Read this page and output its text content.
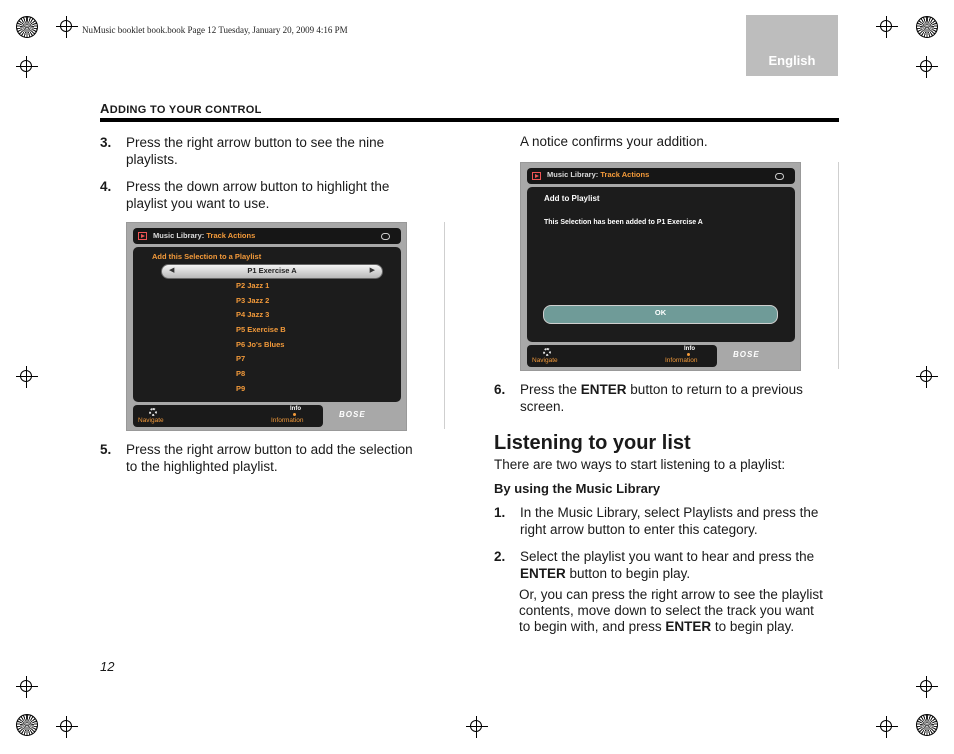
NuMusic booklet book.book Page 12 Tuesday, January 20, 2009 4:16 PM
English
ADDING TO YOUR CONTROL
3. Press the right arrow button to see the nine
playlists.
4. Press the down arrow button to highlight the
playlist you want to use.
Music Library: Track Actions
Add this Selection to a Playlist
◀	P1 Exercise A	▶
P2 Jazz 1
P3 Jazz 2
P4 Jazz 3
P5 Exercise B
P6 Jo's Blues
P7
P8
P9
Navigate
Info
Information
BOSE
5. Press the right arrow button to add the selection
to the highlighted playlist.
A notice confirms your addition.
Music Library: Track Actions
Add to Playlist
This Selection has been added to P1 Exercise A
OK
Navigate
Info
Information
BOSE
6. Press the ENTER button to return to a previous
screen.
Listening to your list
There are two ways to start listening to a playlist:
By using the Music Library
1. In the Music Library, select Playlists and press the
right arrow button to enter this category.
2. Select the playlist you want to hear and press the
ENTER button to begin play.
Or, you can press the right arrow to see the playlist
contents, move down to select the track you want
to begin with, and press ENTER to begin play.
12
